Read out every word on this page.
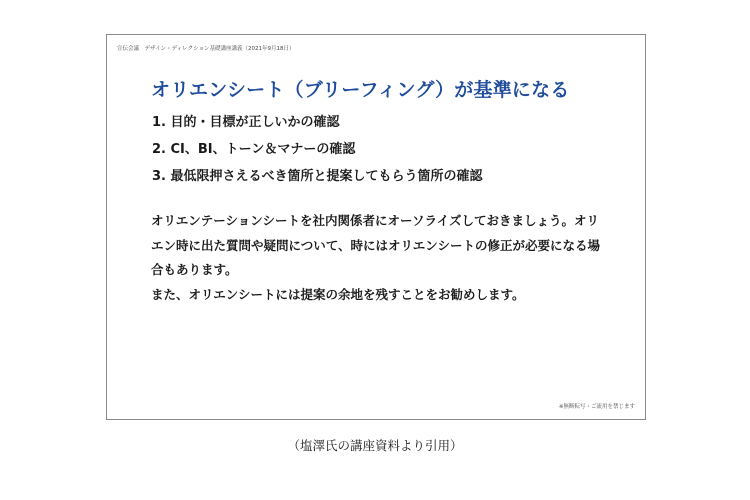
宣伝会議　デザイン・ディレクション基礎講座講義（2021年9月18日）
オリエンシート（ブリーフィング）が基準になる
1. 目的・目標が正しいかの確認
2. CI、BI、トーン＆マナーの確認
3. 最低限押さえるべき箇所と提案してもらう箇所の確認

オリエンテーションシートを社内関係者にオーソライズしておきましょう。オリエン時に出た質問や疑問について、時にはオリエンシートの修正が必要になる場合もあります。

また、オリエンシートには提案の余地を残すことをお勧めします。

※無断転写・ご流用を禁じます
（塩澤氏の講座資料より引用）
